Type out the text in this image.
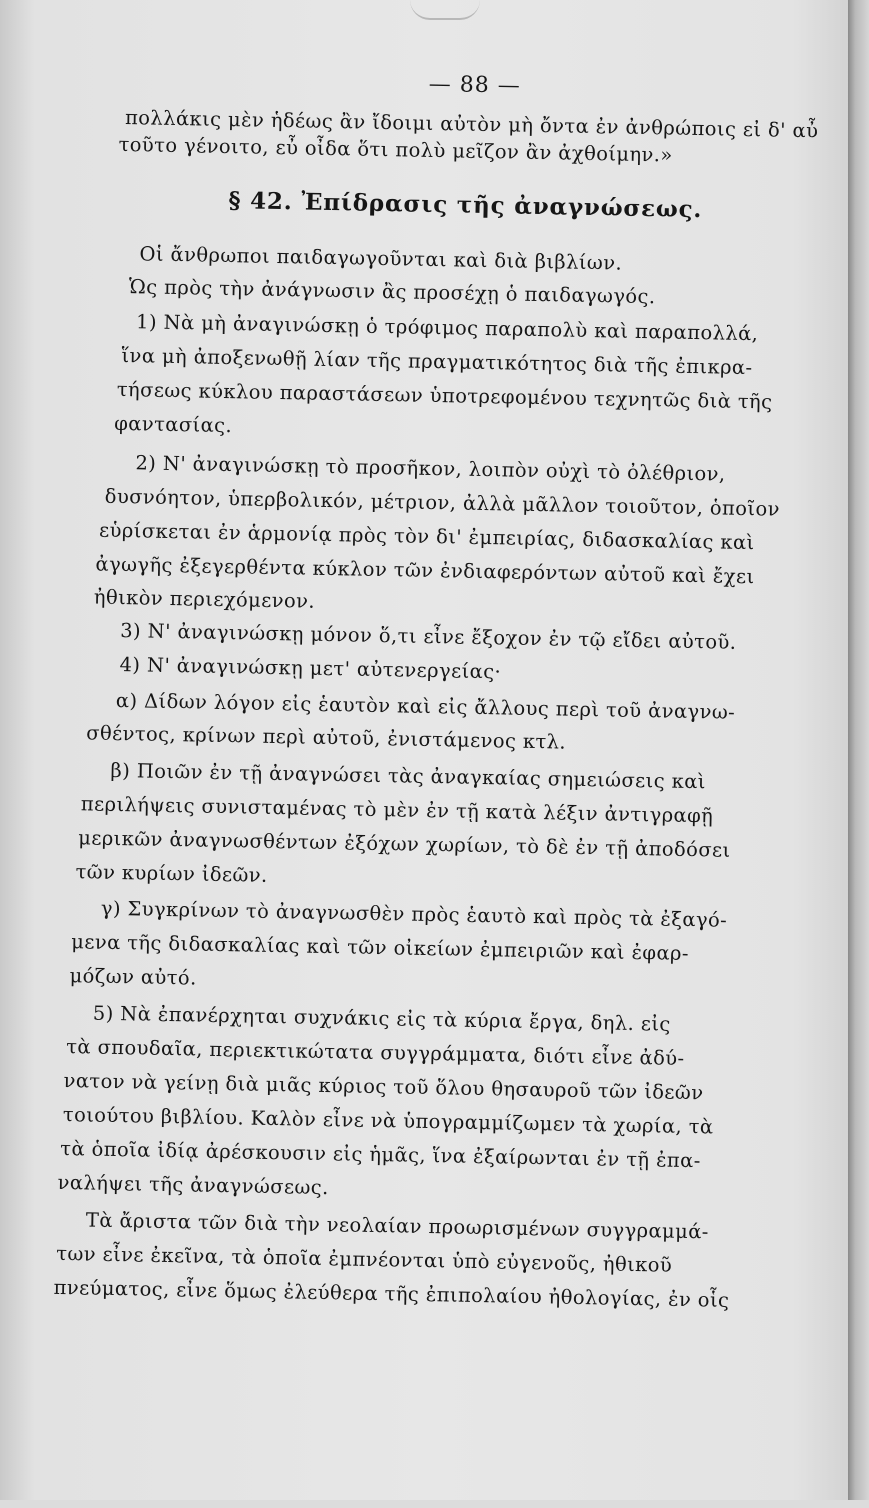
— 88 —
πολλάκις μὲν ἡδέως ἂν ἴδοιμι αὐτὸν μὴ ὄντα ἐν ἀνθρώποις εἰ δ' αὖ
τοῦτο γένοιτο, εὖ οἶδα ὅτι πολὺ μεῖζον ἂν ἀχθοίμην.»
§ 42. Ἐπίδρασις τῆς ἀναγνώσεως.
Οἱ ἄνθρωποι παιδαγωγοῦνται καὶ διὰ βιβλίων.
Ὡς πρὸς τὴν ἀνάγνωσιν ἂς προσέχῃ ὁ παιδαγωγός.
1) Νὰ μὴ ἀναγινώσκῃ ὁ τρόφιμος παραπολὺ καὶ παραπολλά,
ἵνα μὴ ἀποξενωθῇ λίαν τῆς πραγματικότητος διὰ τῆς ἐπικρα-
τήσεως κύκλου παραστάσεων ὑποτρεφομένου τεχνητῶς διὰ τῆς
φαντασίας.
2) Ν' ἀναγινώσκῃ τὸ προσῆκον, λοιπὸν οὐχὶ τὸ ὀλέθριον,
δυσνόητον, ὑπερβολικόν, μέτριον, ἀλλὰ μᾶλλον τοιοῦτον, ὁποῖον
εὑρίσκεται ἐν ἁρμονίᾳ πρὸς τὸν δι' ἐμπειρίας, διδασκαλίας καὶ
ἀγωγῆς ἐξεγερθέντα κύκλον τῶν ἐνδιαφερόντων αὐτοῦ καὶ ἔχει
ἠθικὸν περιεχόμενον.
3) Ν' ἀναγινώσκῃ μόνον ὅ,τι εἶνε ἔξοχον ἐν τῷ εἴδει αὐτοῦ.
4) Ν' ἀναγινώσκῃ μετ' αὐτενεργείας·
α) Δίδων λόγον εἰς ἑαυτὸν καὶ εἰς ἄλλους περὶ τοῦ ἀναγνω-
σθέντος, κρίνων περὶ αὐτοῦ, ἐνιστάμενος κτλ.
β) Ποιῶν ἐν τῇ ἀναγνώσει τὰς ἀναγκαίας σημειώσεις καὶ
περιλήψεις συνισταμένας τὸ μὲν ἐν τῇ κατὰ λέξιν ἀντιγραφῇ
μερικῶν ἀναγνωσθέντων ἐξόχων χωρίων, τὸ δὲ ἐν τῇ ἀποδόσει
τῶν κυρίων ἰδεῶν.
γ) Συγκρίνων τὸ ἀναγνωσθὲν πρὸς ἑαυτὸ καὶ πρὸς τὰ ἐξαγό-
μενα τῆς διδασκαλίας καὶ τῶν οἰκείων ἐμπειριῶν καὶ ἐφαρ-
μόζων αὐτό.
5) Νὰ ἐπανέρχηται συχνάκις εἰς τὰ κύρια ἔργα, δηλ. εἰς
τὰ σπουδαῖα, περιεκτικώτατα συγγράμματα, διότι εἶνε ἀδύ-
νατον νὰ γείνῃ διὰ μιᾶς κύριος τοῦ ὅλου θησαυροῦ τῶν ἰδεῶν
τοιούτου βιβλίου. Καλὸν εἶνε νὰ ὑπογραμμίζωμεν τὰ χωρία, τὰ
τὰ ὁποῖα ἰδίᾳ ἀρέσκουσιν εἰς ἡμᾶς, ἵνα ἐξαίρωνται ἐν τῇ ἐπα-
ναλήψει τῆς ἀναγνώσεως.
Τὰ ἄριστα τῶν διὰ τὴν νεολαίαν προωρισμένων συγγραμμά-
των εἶνε ἐκεῖνα, τὰ ὁποῖα ἐμπνέονται ὑπὸ εὐγενοῦς, ἠθικοῦ
πνεύματος, εἶνε ὅμως ἐλεύθερα τῆς ἐπιπολαίου ἠθολογίας, ἐν οἷς
